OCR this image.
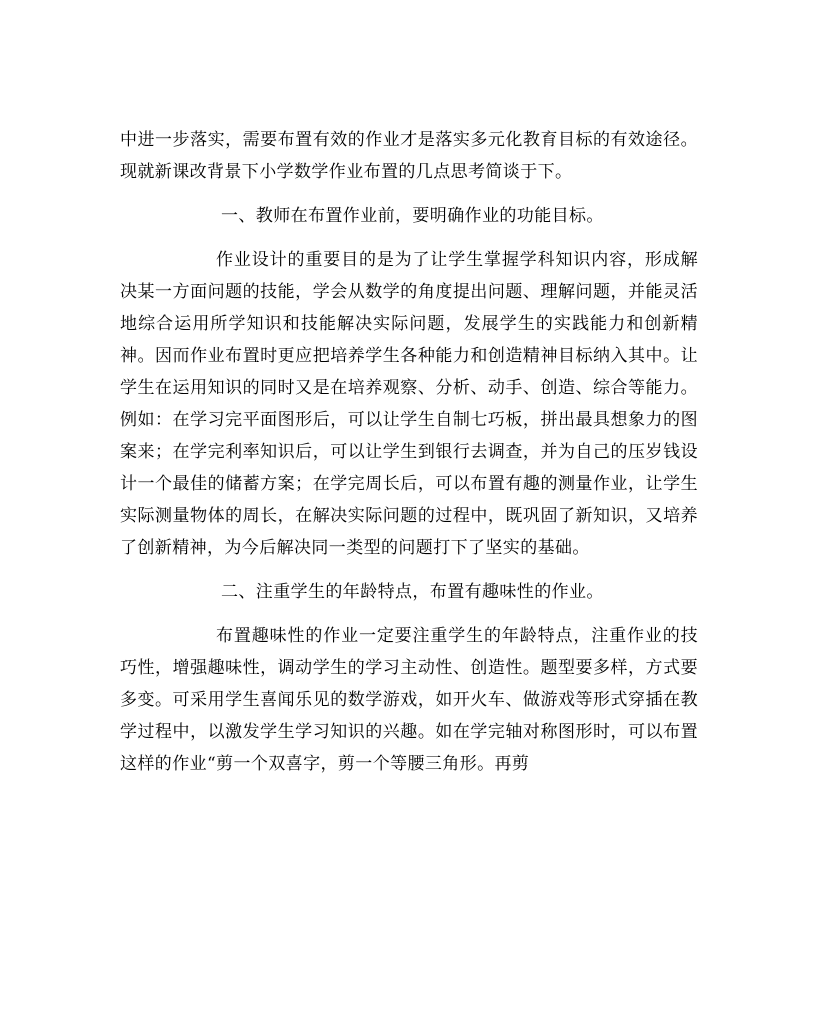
中进一步落实，需要布置有效的作业才是落实多元化教育目标的有效途径。现就新课改背景下小学数学作业布置的几点思考简谈于下。

一、教师在布置作业前，要明确作业的功能目标。

作业设计的重要目的是为了让学生掌握学科知识内容，形成解决某一方面问题的技能，学会从数学的角度提出问题、理解问题，并能灵活地综合运用所学知识和技能解决实际问题，发展学生的实践能力和创新精神。因而作业布置时更应把培养学生各种能力和创造精神目标纳入其中。让学生在运用知识的同时又是在培养观察、分析、动手、创造、综合等能力。例如：在学习完平面图形后，可以让学生自制七巧板，拼出最具想象力的图案来；在学完利率知识后，可以让学生到银行去调查，并为自己的压岁钱设计一个最佳的储蓄方案；在学完周长后，可以布置有趣的测量作业，让学生实际测量物体的周长，在解决实际问题的过程中，既巩固了新知识，又培养了创新精神，为今后解决同一类型的问题打下了坚实的基础。

二、注重学生的年龄特点，布置有趣味性的作业。

布置趣味性的作业一定要注重学生的年龄特点，注重作业的技巧性，增强趣味性，调动学生的学习主动性、创造性。题型要多样，方式要多变。可采用学生喜闻乐见的数学游戏，如开火车、做游戏等形式穿插在教学过程中，以激发学生学习知识的兴趣。如在学完轴对称图形时，可以布置这样的作业“剪一个双喜字，剪一个等腰三角形。再剪
